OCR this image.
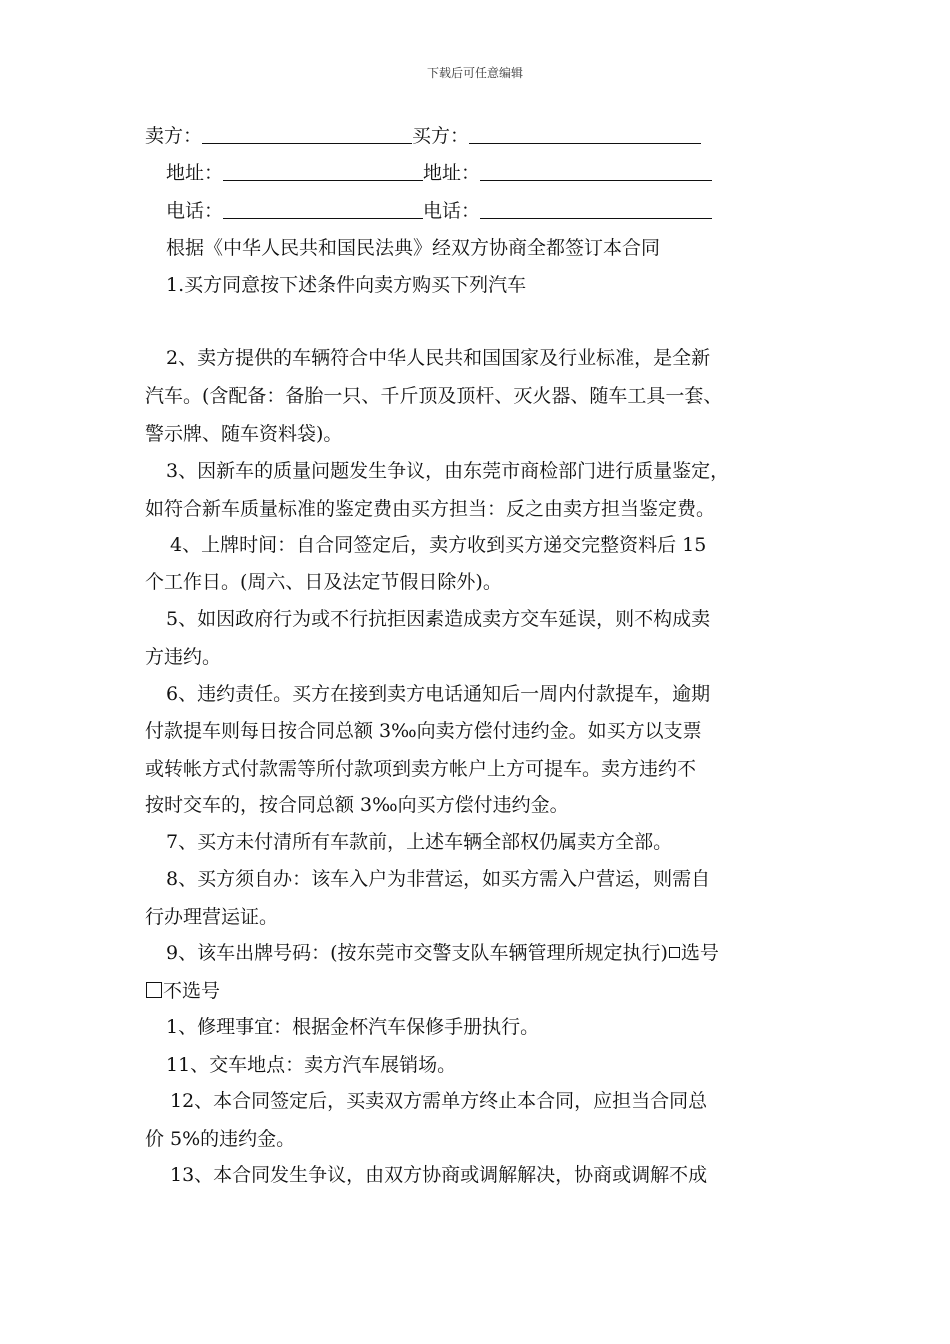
下载后可任意编辑
卖方：	买方：
地址：	地址：
电话：	电话：
根据《中华人民共和国民法典》经双方协商全都签订本合同
1.买方同意按下述条件向卖方购买下列汽车
2、卖方提供的车辆符合中华人民共和国国家及行业标准，是全新
汽车。(含配备：备胎一只、千斤顶及顶杆、灭火器、随车工具一套、
警示牌、随车资料袋)。
3、因新车的质量问题发生争议，由东莞市商检部门进行质量鉴定，
如符合新车质量标准的鉴定费由买方担当：反之由卖方担当鉴定费。
4、上牌时间：自合同签定后，卖方收到买方递交完整资料后 15
个工作日。(周六、日及法定节假日除外)。
5、如因政府行为或不行抗拒因素造成卖方交车延误，则不构成卖
方违约。
6、违约责任。买方在接到卖方电话通知后一周内付款提车，逾期
付款提车则每日按合同总额 3‰向卖方偿付违约金。如买方以支票
或转帐方式付款需等所付款项到卖方帐户上方可提车。卖方违约不
按时交车的，按合同总额 3‰向买方偿付违约金。
7、买方未付清所有车款前，上述车辆全部权仍属卖方全部。
8、买方须自办：该车入户为非营运，如买方需入户营运，则需自
行办理营运证。
9、该车出牌号码：(按东莞市交警支队车辆管理所规定执行) 选号
不选号
1、修理事宜：根据金杯汽车保修手册执行。
11、交车地点：卖方汽车展销场。
12、本合同签定后，买卖双方需单方终止本合同，应担当合同总
价 5%的违约金。
13、本合同发生争议，由双方协商或调解解决，协商或调解不成
